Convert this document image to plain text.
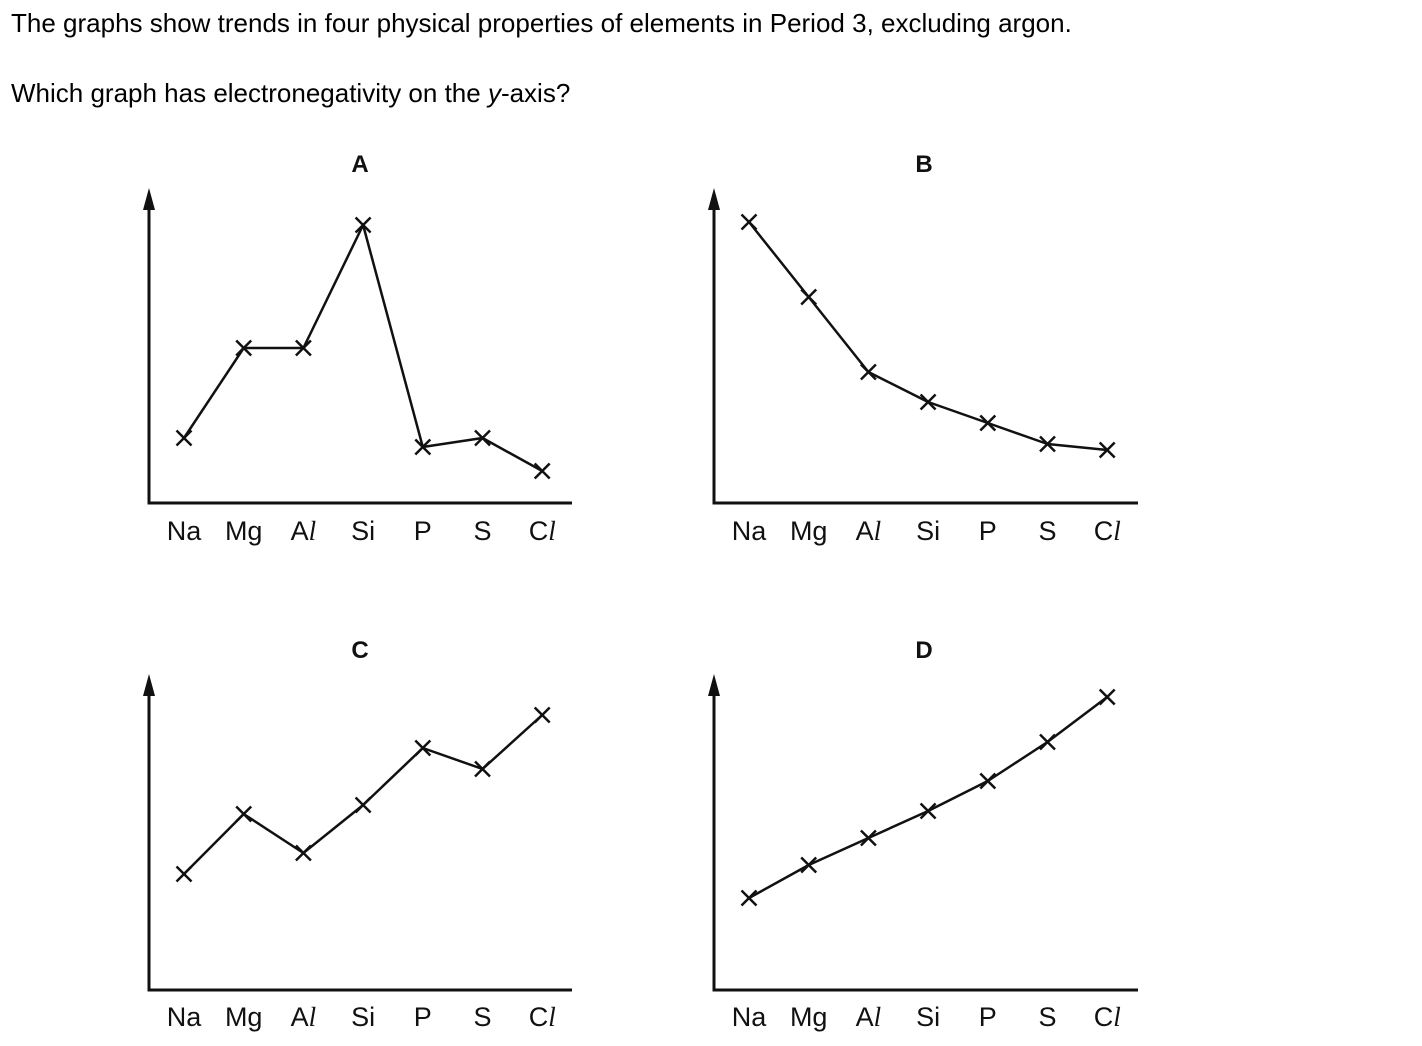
The graphs show trends in four physical properties of elements in Period 3, excluding argon.
Which graph has electronegativity on the y-axis?
A
Na Mg Al Si P S Cl
B
Na Mg Al Si P S Cl
C
Na Mg Al Si P S Cl
D
Na Mg Al Si P S Cl
